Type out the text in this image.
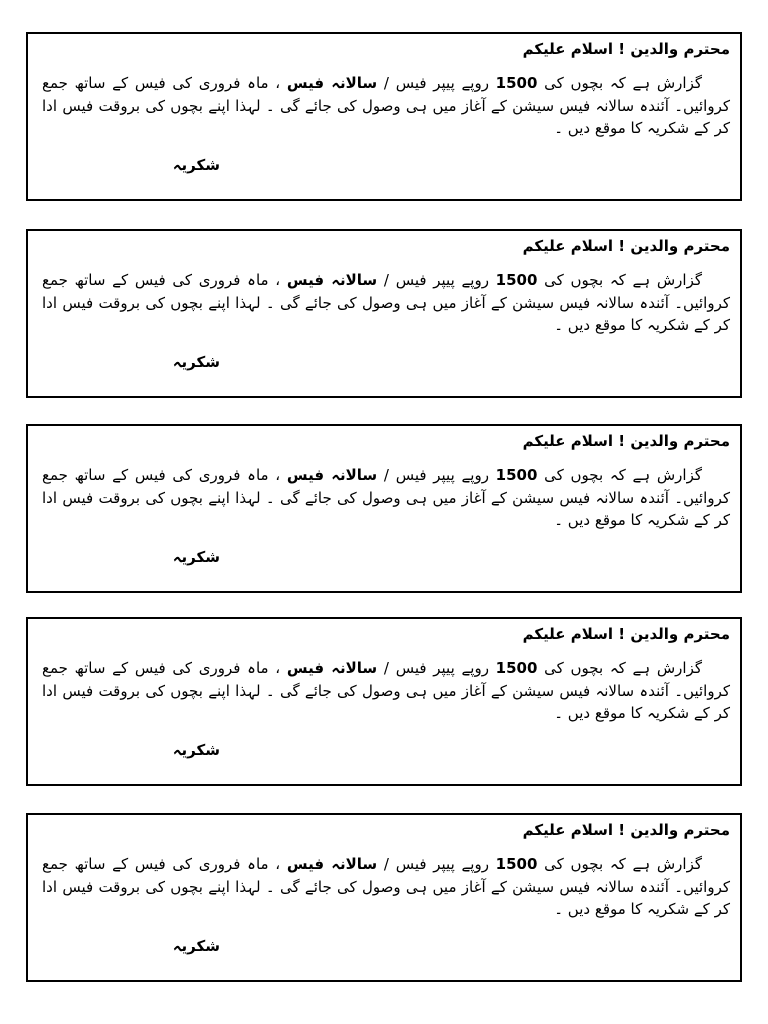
محترم والدین ! اسلام علیکم
گزارش ہے کہ بچوں کی 1500 روپے پیپر فیس / سالانہ فیس ، ماہ فروری کی فیس کے ساتھ جمع کروائیں۔ آئندہ سالانہ فیس سیشن کے آغاز میں ہی وصول کی جائے گی ۔ لہذا اپنے بچوں کی بروقت فیس ادا کر کے شکریہ کا موقع دیں ۔
شکریہ
محترم والدین ! اسلام علیکم
گزارش ہے کہ بچوں کی 1500 روپے پیپر فیس / سالانہ فیس ، ماہ فروری کی فیس کے ساتھ جمع کروائیں۔ آئندہ سالانہ فیس سیشن کے آغاز میں ہی وصول کی جائے گی ۔ لہذا اپنے بچوں کی بروقت فیس ادا کر کے شکریہ کا موقع دیں ۔
شکریہ
محترم والدین ! اسلام علیکم
گزارش ہے کہ بچوں کی 1500 روپے پیپر فیس / سالانہ فیس ، ماہ فروری کی فیس کے ساتھ جمع کروائیں۔ آئندہ سالانہ فیس سیشن کے آغاز میں ہی وصول کی جائے گی ۔ لہذا اپنے بچوں کی بروقت فیس ادا کر کے شکریہ کا موقع دیں ۔
شکریہ
محترم والدین ! اسلام علیکم
گزارش ہے کہ بچوں کی 1500 روپے پیپر فیس / سالانہ فیس ، ماہ فروری کی فیس کے ساتھ جمع کروائیں۔ آئندہ سالانہ فیس سیشن کے آغاز میں ہی وصول کی جائے گی ۔ لہذا اپنے بچوں کی بروقت فیس ادا کر کے شکریہ کا موقع دیں ۔
شکریہ
محترم والدین ! اسلام علیکم
گزارش ہے کہ بچوں کی 1500 روپے پیپر فیس / سالانہ فیس ، ماہ فروری کی فیس کے ساتھ جمع کروائیں۔ آئندہ سالانہ فیس سیشن کے آغاز میں ہی وصول کی جائے گی ۔ لہذا اپنے بچوں کی بروقت فیس ادا کر کے شکریہ کا موقع دیں ۔
شکریہ
